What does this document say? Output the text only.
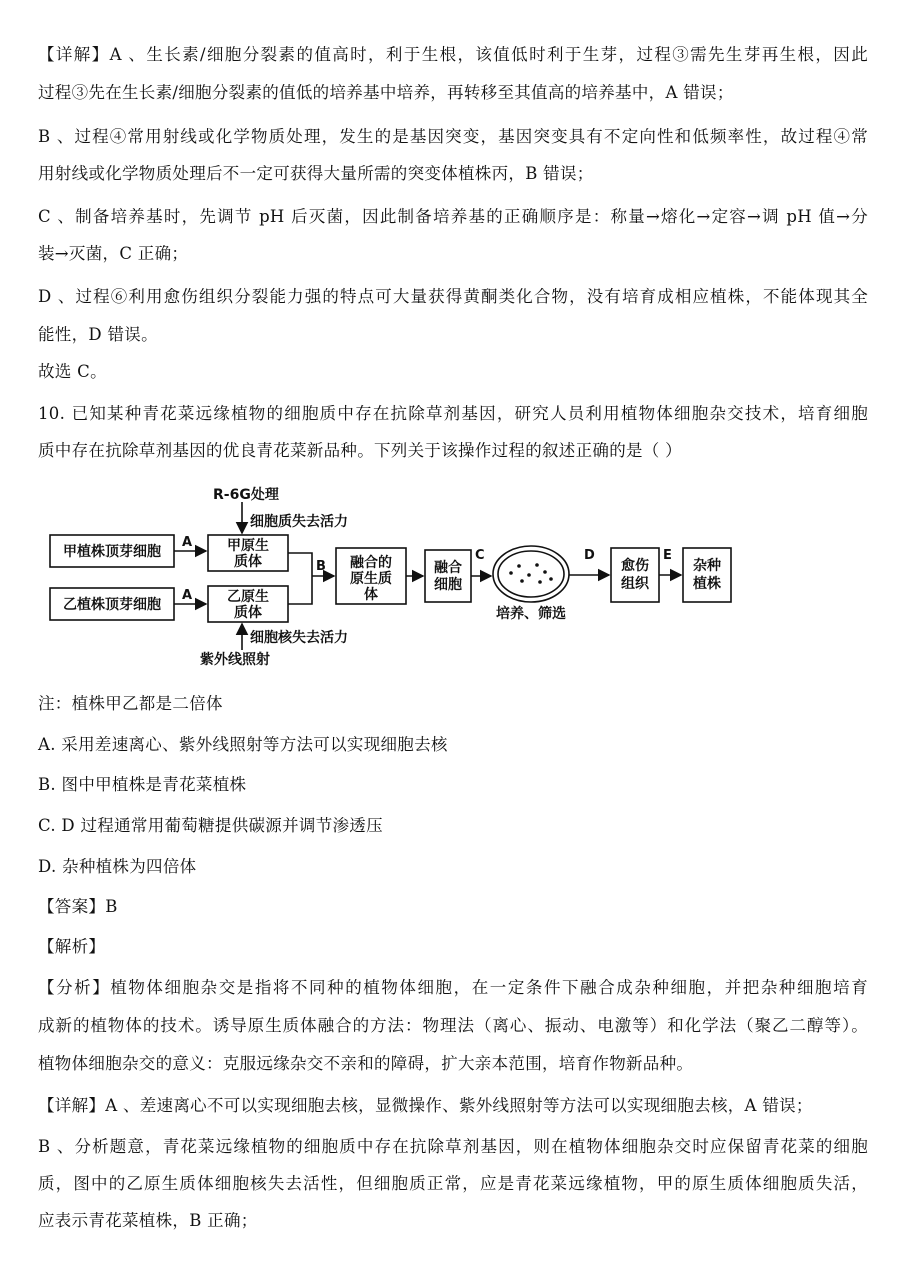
【详解】A 、生长素/细胞分裂素的值高时，利于生根，该值低时利于生芽，过程③需先生芽再生根，因此
过程③先在生长素/细胞分裂素的值低的培养基中培养，再转移至其值高的培养基中，A 错误；
B 、过程④常用射线或化学物质处理，发生的是基因突变，基因突变具有不定向性和低频率性，故过程④常
用射线或化学物质处理后不一定可获得大量所需的突变体植株丙，B 错误；
C 、制备培养基时，先调节 pH 后灭菌，因此制备培养基的正确顺序是：称量→熔化→定容→调 pH 值→分
装→灭菌，C 正确；
D 、过程⑥利用愈伤组织分裂能力强的特点可大量获得黄酮类化合物，没有培育成相应植株，不能体现其全
能性，D 错误。
故选 C。
10. 已知某种青花菜远缘植物的细胞质中存在抗除草剂基因，研究人员利用植物体细胞杂交技术，培育细胞
质中存在抗除草剂基因的优良青花菜新品种。下列关于该操作过程的叙述正确的是（ ）
R-6G处理
细胞质失去活力
甲植株顶芽细胞
乙植株顶芽细胞
A
A
甲原生
质体
乙原生
质体
B 融合的
原生质
体
融合
细胞
C
培养、筛选
D
愈伤
组织
E
杂种
植株
细胞核失去活力
紫外线照射
注：植株甲乙都是二倍体
A. 采用差速离心、紫外线照射等方法可以实现细胞去核
B. 图中甲植株是青花菜植株
C. D 过程通常用葡萄糖提供碳源并调节渗透压
D. 杂种植株为四倍体
【答案】B
【解析】
【分析】植物体细胞杂交是指将不同种的植物体细胞，在一定条件下融合成杂种细胞，并把杂种细胞培育
成新的植物体的技术。诱导原生质体融合的方法：物理法（离心、振动、电激等）和化学法（聚乙二醇等）。
植物体细胞杂交的意义：克服远缘杂交不亲和的障碍，扩大亲本范围，培育作物新品种。
【详解】A 、差速离心不可以实现细胞去核，显微操作、紫外线照射等方法可以实现细胞去核，A 错误；
B 、分析题意，青花菜远缘植物的细胞质中存在抗除草剂基因，则在植物体细胞杂交时应保留青花菜的细胞
质，图中的乙原生质体细胞核失去活性，但细胞质正常，应是青花菜远缘植物，甲的原生质体细胞质失活，
应表示青花菜植株，B 正确；
